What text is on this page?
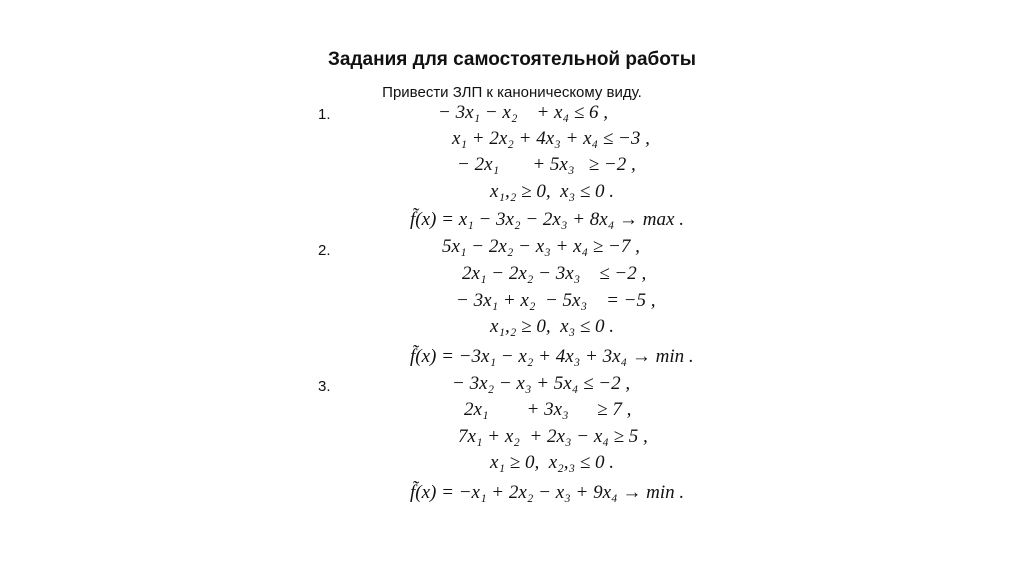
Задания для самостоятельной работы
Привести ЗЛП к каноническому виду.
1.	− 3x₁ − x₂    + x₄ ≤ 6 ,
x₁ + 2x₂ + 4x₃ + x₄ ≤ −3 ,
− 2x₁       + 5x₃   ≥ −2 ,
x₁,₂ ≥ 0,  x₃ ≤ 0 .
f̃(x) = x₁ − 3x₂ − 2x₃ + 8x₄ → max .
2.	5x₁ − 2x₂ − x₃ + x₄ ≥ −7 ,
2x₁ − 2x₂ − 3x₃    ≤ −2 ,
− 3x₁ + x₂  − 5x₃    = −5 ,
x₁,₂ ≥ 0,  x₃ ≤ 0 .
f̃(x) = −3x₁ − x₂ + 4x₃ + 3x₄ → min .
3.	− 3x₂ − x₃ + 5x₄ ≤ −2 ,
2x₁        + 3x₃      ≥ 7 ,
7x₁ + x₂  + 2x₃ − x₄ ≥ 5 ,
x₁ ≥ 0,  x₂,₃ ≤ 0 .
f̃(x) = −x₁ + 2x₂ − x₃ + 9x₄ → min .
